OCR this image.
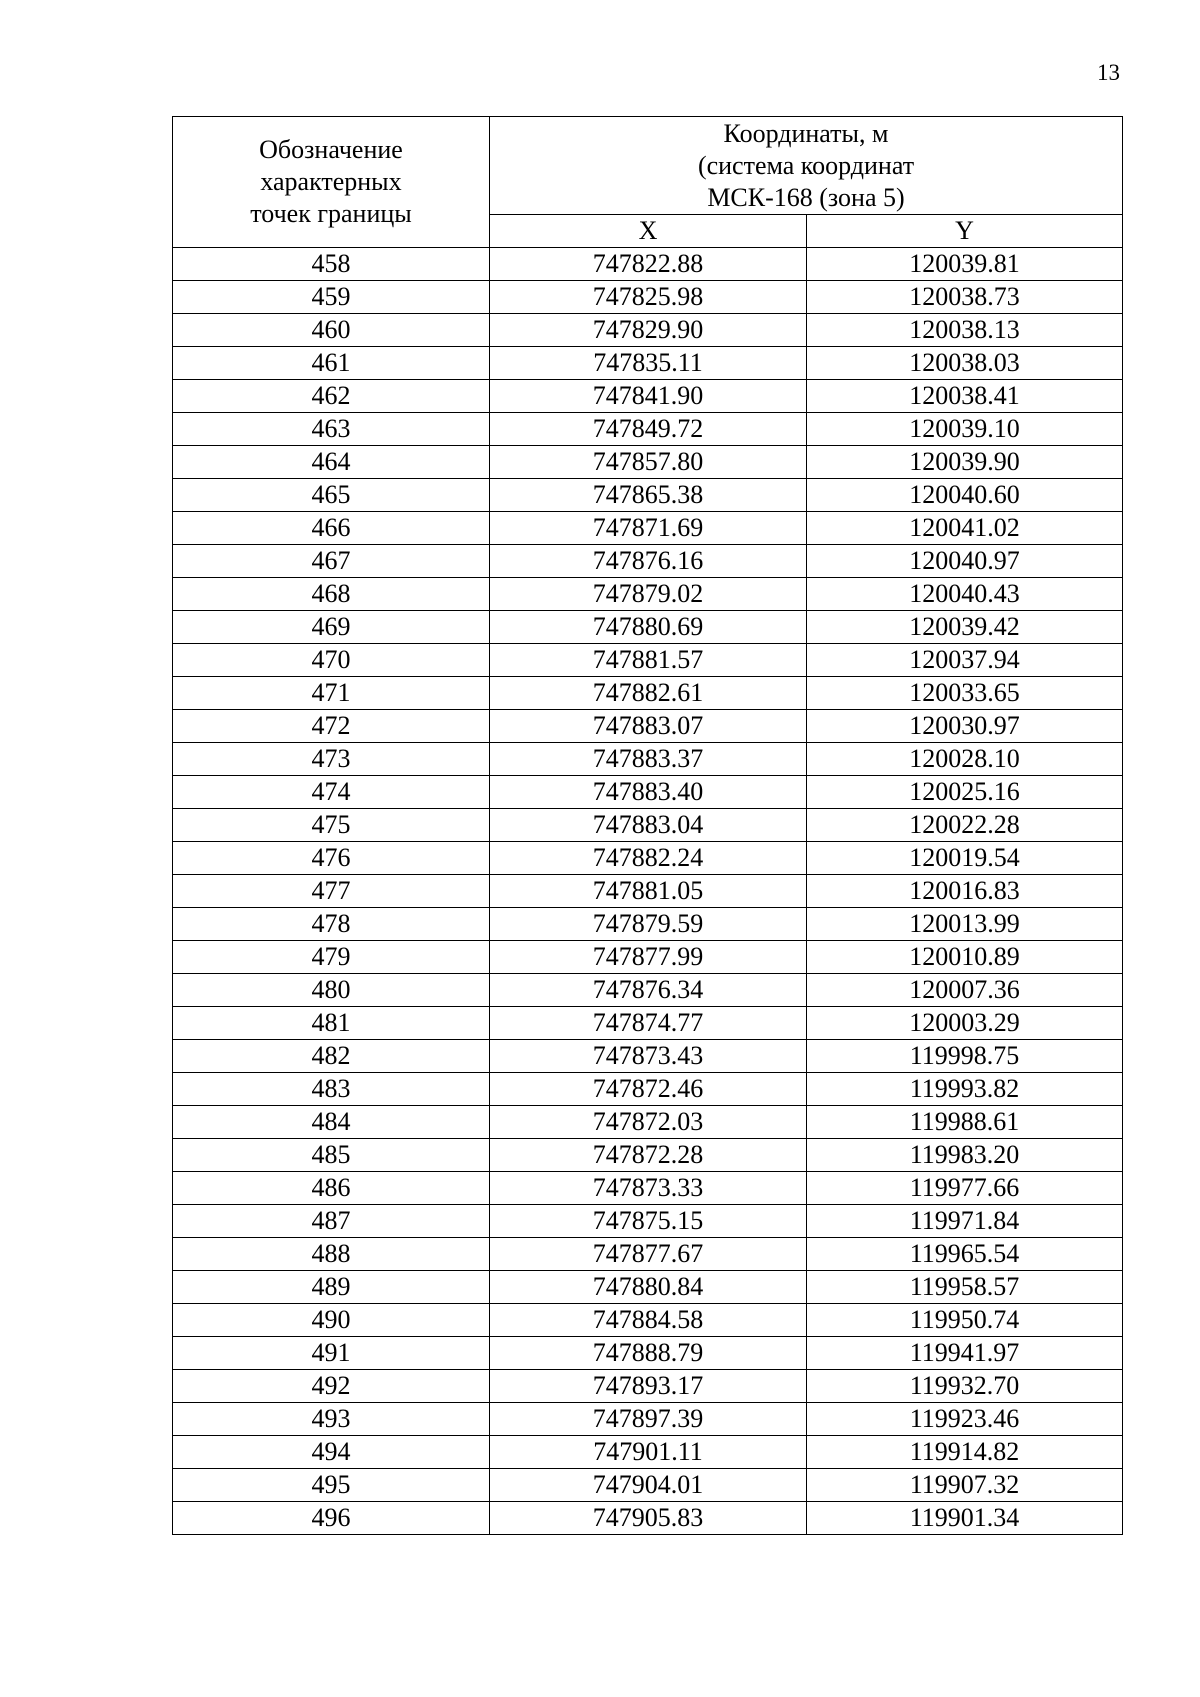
13
Обозначение
характерных
точек границы	Координаты, м
(система координат
МСК-168 (зона 5)	

	X	Y
458	747822.88	120039.81
459	747825.98	120038.73
460	747829.90	120038.13
461	747835.11	120038.03
462	747841.90	120038.41
463	747849.72	120039.10
464	747857.80	120039.90
465	747865.38	120040.60
466	747871.69	120041.02
467	747876.16	120040.97
468	747879.02	120040.43
469	747880.69	120039.42
470	747881.57	120037.94
471	747882.61	120033.65
472	747883.07	120030.97
473	747883.37	120028.10
474	747883.40	120025.16
475	747883.04	120022.28
476	747882.24	120019.54
477	747881.05	120016.83
478	747879.59	120013.99
479	747877.99	120010.89
480	747876.34	120007.36
481	747874.77	120003.29
482	747873.43	119998.75
483	747872.46	119993.82
484	747872.03	119988.61
485	747872.28	119983.20
486	747873.33	119977.66
487	747875.15	119971.84
488	747877.67	119965.54
489	747880.84	119958.57
490	747884.58	119950.74
491	747888.79	119941.97
492	747893.17	119932.70
493	747897.39	119923.46
494	747901.11	119914.82
495	747904.01	119907.32
496	747905.83	119901.34
